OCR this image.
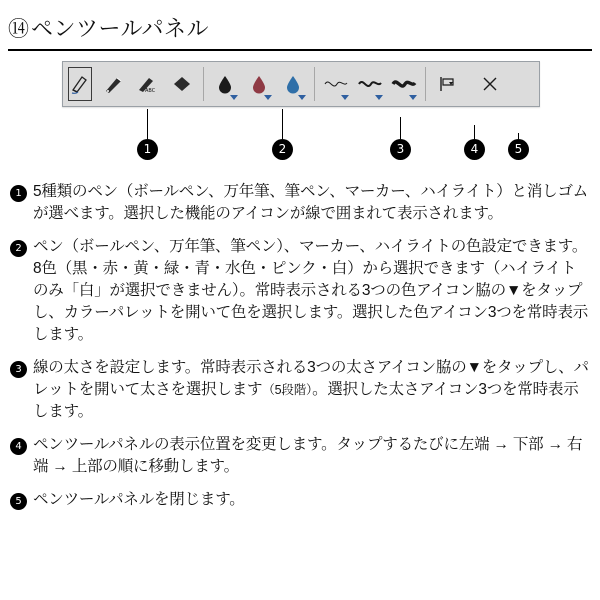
⑭ ペンツールパネル
ABC
1	2	3	4	5
1 5種類のペン（ボールペン、万年筆、筆ペン、マーカー、ハイライト）と消しゴムが選べます。選択した機能のアイコンが線で囲まれて表示されます。
2 ペン（ボールペン、万年筆、筆ペン）、マーカー、ハイライトの色設定できます。8色（黒・赤・黄・緑・青・水色・ピンク・白）から選択できます（ハイライトのみ「白」が選択できません）。常時表示される3つの色アイコン脇の▼をタップし、カラーパレットを開いて色を選択します。選択した色アイコン3つを常時表示します。
3 線の太さを設定します。常時表示される3つの太さアイコン脇の▼をタップし、パレットを開いて太さを選択します（5段階）。選択した太さアイコン3つを常時表示します。
4 ペンツールパネルの表示位置を変更します。タップするたびに左端 → 下部 → 右端 → 上部の順に移動します。
5 ペンツールパネルを閉じます。
